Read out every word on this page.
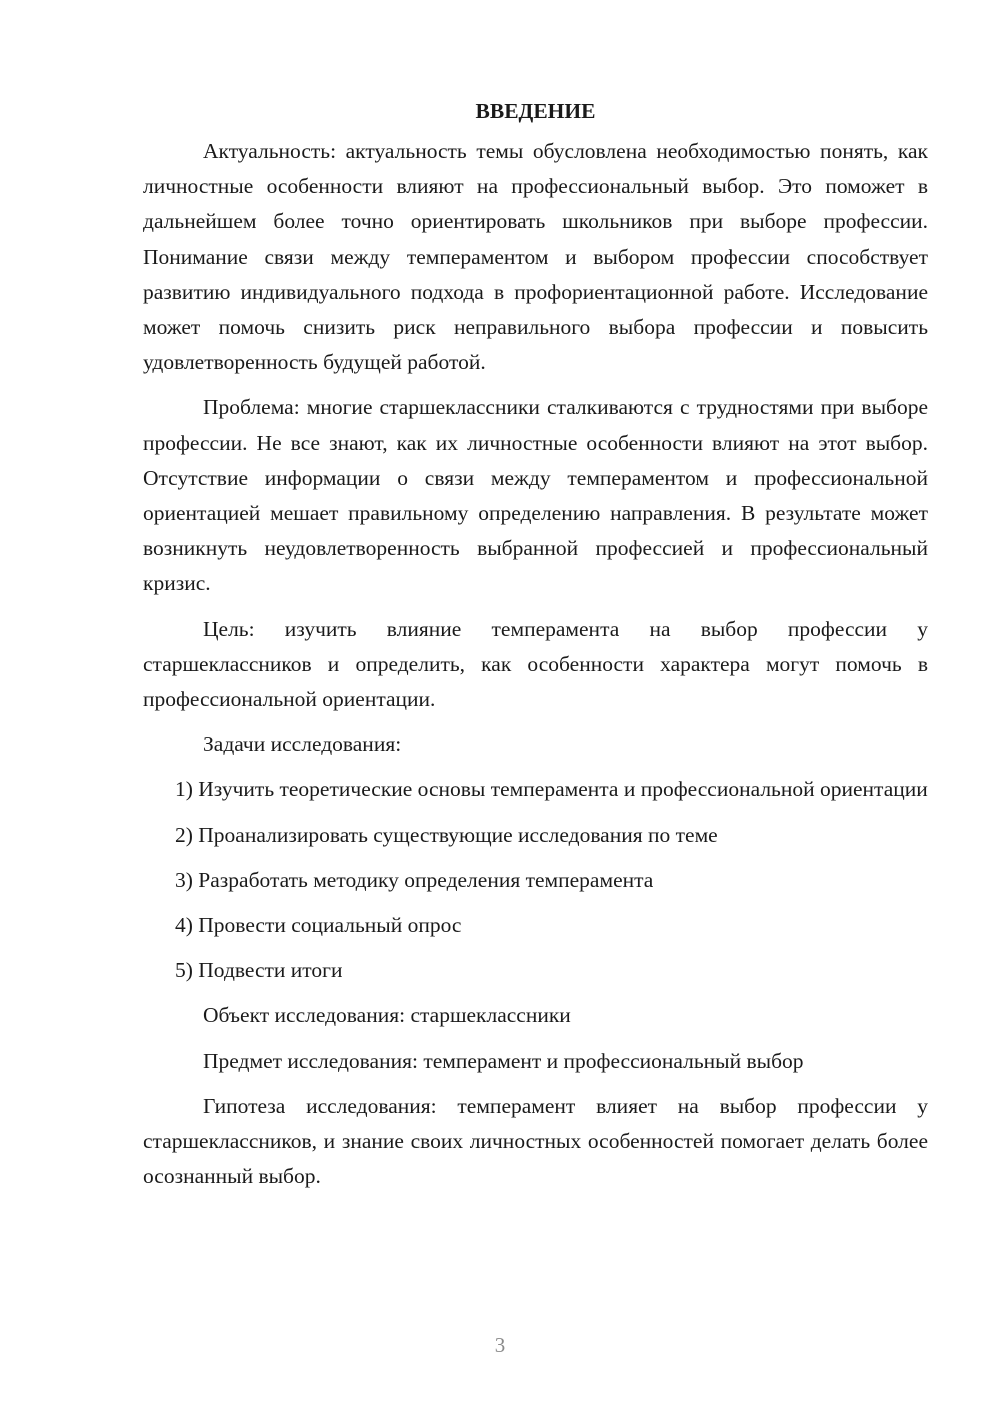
ВВЕДЕНИЕ

Актуальность: актуальность темы обусловлена необходимостью понять, как личностные особенности влияют на профессиональный выбор. Это поможет в дальнейшем более точно ориентировать школьников при выборе профессии. Понимание связи между темпераментом и выбором профессии способствует развитию индивидуального подхода в профориентационной работе. Исследование может помочь снизить риск неправильного выбора профессии и повысить удовлетворенность будущей работой.

Проблема: многие старшеклассники сталкиваются с трудностями при выборе профессии. Не все знают, как их личностные особенности влияют на этот выбор. Отсутствие информации о связи между темпераментом и профессиональной ориентацией мешает правильному определению направления. В результате может возникнуть неудовлетворенность выбранной профессией и профессиональный кризис.

Цель: изучить влияние темперамента на выбор профессии у старшеклассников и определить, как особенности характера могут помочь в профессиональной ориентации.

Задачи исследования:

1) Изучить теоретические основы темперамента и профессиональной ориентации

2) Проанализировать существующие исследования по теме

3) Разработать методику определения темперамента

4) Провести социальный опрос

5) Подвести итоги

Объект исследования: старшеклассники

Предмет исследования: темперамент и профессиональный выбор

Гипотеза исследования: темперамент влияет на выбор профессии у старшеклассников, и знание своих личностных особенностей помогает делать более осознанный выбор.

3
